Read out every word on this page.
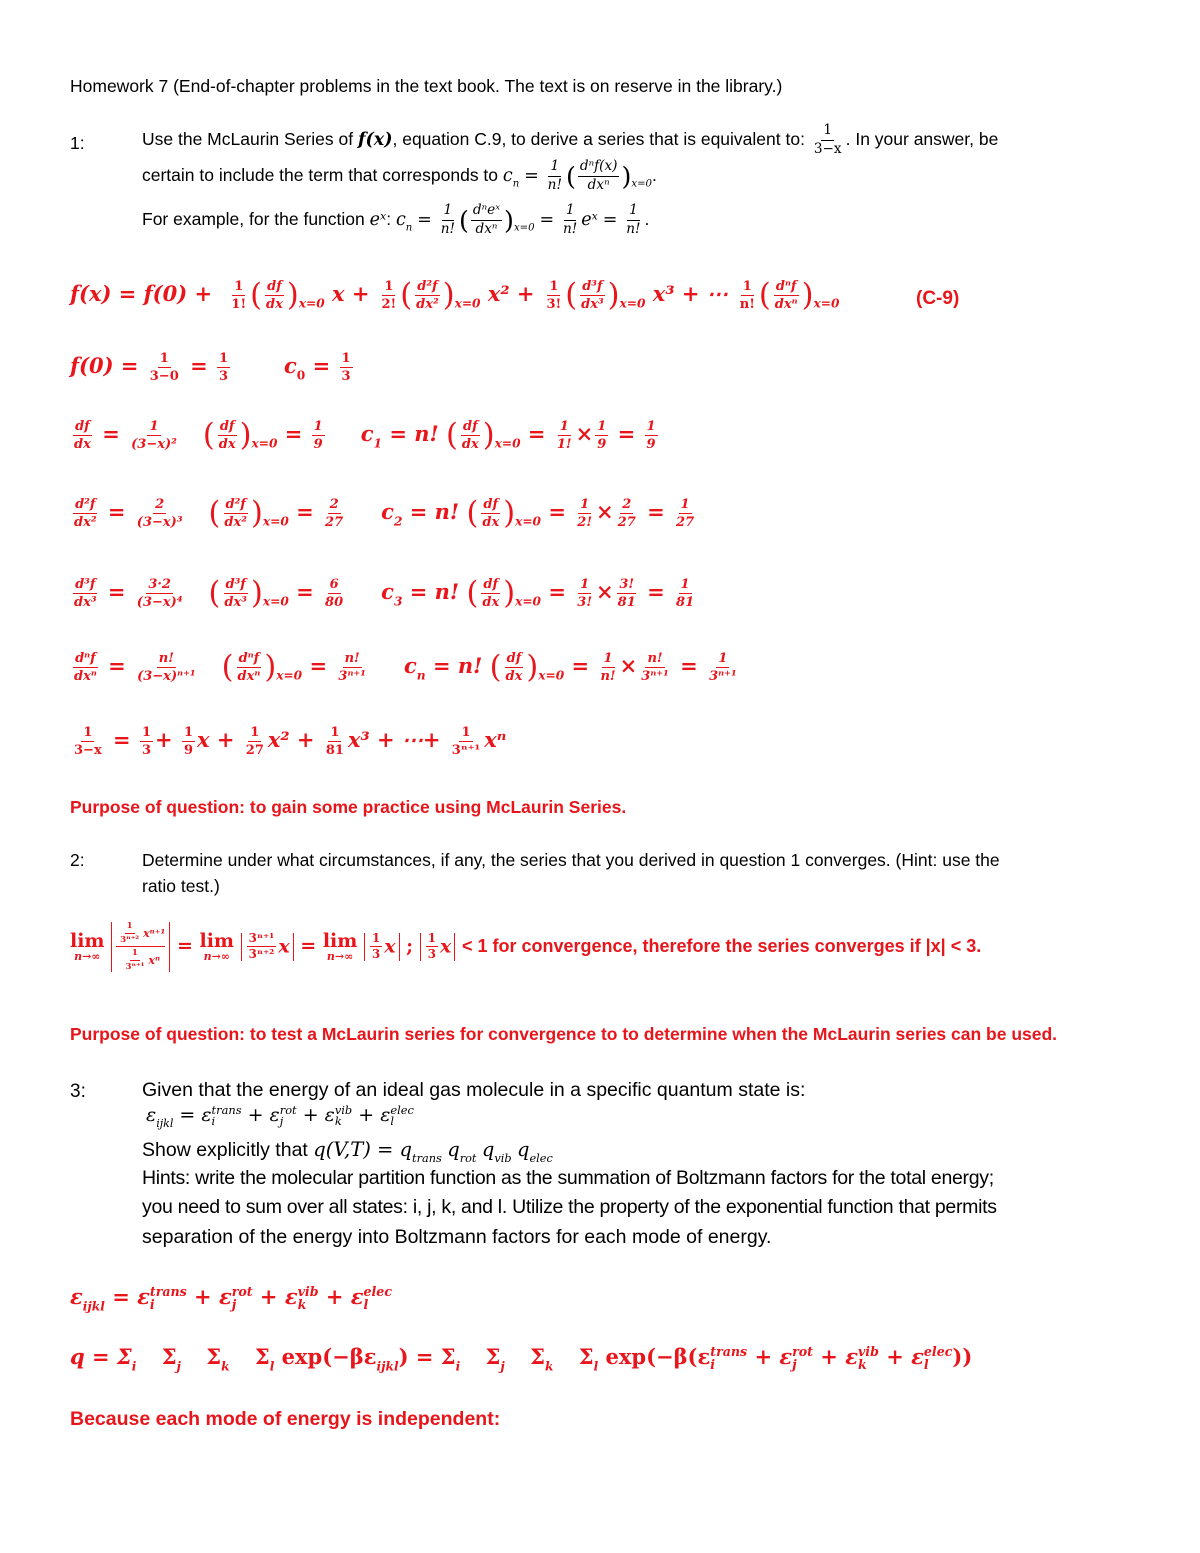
Homework 7 (End-of-chapter problems in the text book. The text is on reserve in the library.)
1:	Use the McLaurin Series of f(x), equation C.9, to derive a series that is equivalent to: $\frac{1}{3-x}$ . In your answer, be
certain to include the term that corresponds to $c_n = \frac{1}{n!}$ ( $\frac{\text{dⁿf(x)}}{\text{dxⁿ}} )_{x=0}$.
For example, for the function eˣ: $c_n = \frac{1}{n!}$ ( $\frac{\text{dⁿeˣ}}{\text{dxⁿ}} )_{x=0} = \frac{1}{n!}$ eˣ = $\frac{1}{n!}$ .
$f(x) = f(0) + \frac{1}{1!}$ ( $\frac{df}{dx} )_{x=0}$ $x + \frac{1}{2!}$ ( $\frac{\text{d²f}}{\text{dx²}} )_{x=0}$ $x^2 + \frac{1}{3!}$ ( $\frac{\text{d³f}}{\text{dx³}} )_{x=0}$ x³ + ⋯ $\frac{1}{n!}$ ( $\frac{\text{dⁿf}}{\text{dxⁿ}} )_{x=0}$	(C-9)
$f(0) = \frac{1}{3-0} = \frac{1}{3}$	$c_0 = \frac{1}{3}$
$\frac{df}{dx} = \frac{1}{\text{(3−x)²}}$ ( $\frac{df}{dx} )_{x=0} = \frac{1}{9} c_1 = n$! ( $\frac{df}{dx} )_{x=0} = \frac{1}{1!} \times \frac{1}{9} = \frac{1}{9}$
$\frac{\text{d²f}}{\text{dx²}} = \frac{2}{\text{(3−x)³}}$ ( $\frac{\text{d²f}}{\text{dx²}} )_{x=0} = \frac{2}{27} c_2 = n$! ( $\frac{df}{dx} )_{x=0} = \frac{1}{2!} \times \frac{2}{27} = \frac{1}{27}$
$\frac{\text{d³f}}{\text{dx³}} = \frac{3\cdot 2}{\text{(3−x)⁴}}$ ( $\frac{\text{d³f}}{\text{dx³}} )_{x=0} = \frac{6}{80} c_3 = n$! ( $\frac{df}{dx} )_{x=0} = \frac{1}{3!} \times \frac{3!}{81} = \frac{1}{81}$
$\frac{\text{dⁿf}}{\text{dxⁿ}} = \frac{n!}{\text{(3−x)ⁿ⁺¹}}$ ( $\frac{\text{dⁿf}}{\text{dxⁿ}} )_{x=0} = \frac{n!}{\text{3ⁿ⁺¹}} c_n = n$! ( $\frac{df}{dx} )_{x=0} = \frac{1}{n!} \times \frac{n!}{\text{3ⁿ⁺¹}} = \frac{1}{\text{3ⁿ⁺¹}}$
$\frac{1}{3-x} = \frac{1}{3} + \frac{1}{9}$ $x + \frac{1}{27} x^2 + \frac{1}{81} x^3$ + ⋯+ $\frac{1}{\text{3ⁿ⁺¹}}$ xⁿ
Purpose of question: to gain some practice using McLaurin Series.
2:	Determine under what circumstances, if any, the series that you derived in question 1 converges. (Hint: use the
ratio test.)
lim
n→∞

$\frac{1}{\text{3ⁿ⁺²}} x^{n+1}$
$\frac{1}{\text{3ⁿ⁺¹}}$ xⁿ
= lim
n→∞
$\frac{\text{3ⁿ⁺¹}}{\text{3ⁿ⁺²}}$ x = lim
n→∞
$\frac{1}{3}$ x ; $\frac{1}{3}$ x < 1 for convergence, therefore the series converges if |x| < 3.
Purpose of question: to test a McLaurin series for convergence to to determine when the McLaurin series can be used.
3:	Given that the energy of an ideal gas molecule in a specific quantum state is:
$\varepsilon_{ijkl} = \varepsilon$ trans
i	+ ε rot
j	+ ε vib
k + ε elec
l
Show explicitly that $q(V,T) = q_{trans}$ $q_{rot}$ $q_{vib}$ $q_{elec}$
Hints: write the molecular partition function as the summation of Boltzmann factors for the total energy;
you need to sum over all states: i, j, k, and l. Utilize the property of the exponential function that permits
separation of the energy into Boltzmann factors for each mode of energy.
$\varepsilon_{ijkl} = \varepsilon$ trans
i	+ ε rot
j	+ ε vib
k + ε elec
l
$q = \Sigma_i$ $\Sigma_j$ $\Sigma_k$ $\Sigma_l$ $\exp(-\beta\varepsilon_{ijkl}) = \Sigma_i$ $\Sigma_j$ $\Sigma_k$ $\Sigma_l$ exp(−β(ε trans
i	+ ε rot
j	+ ε vib
k + ε elec
l	))
Because each mode of energy is independent:
